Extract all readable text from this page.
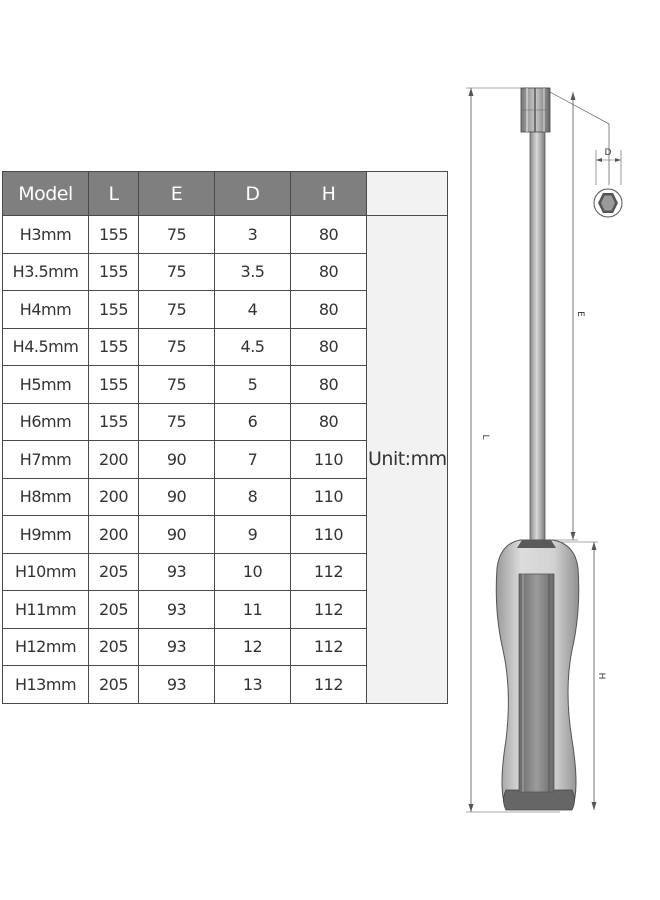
Model	L	E	D	H	
H3mm	155	75	3	80	Unit:mm
H3.5mm	155	75	3.5	80	
H4mm	155	75	4	80	
H4.5mm	155	75	4.5	80	
H5mm	155	75	5	80	
H6mm	155	75	6	80	
H7mm	200	90	7	110	
H8mm	200	90	8	110	
H9mm	200	90	9	110	
H10mm	205	93	10	112	
H11mm	205	93	11	112	
H12mm	205	93	12	112	
H13mm	205	93	13	112	
L
E
H
D
